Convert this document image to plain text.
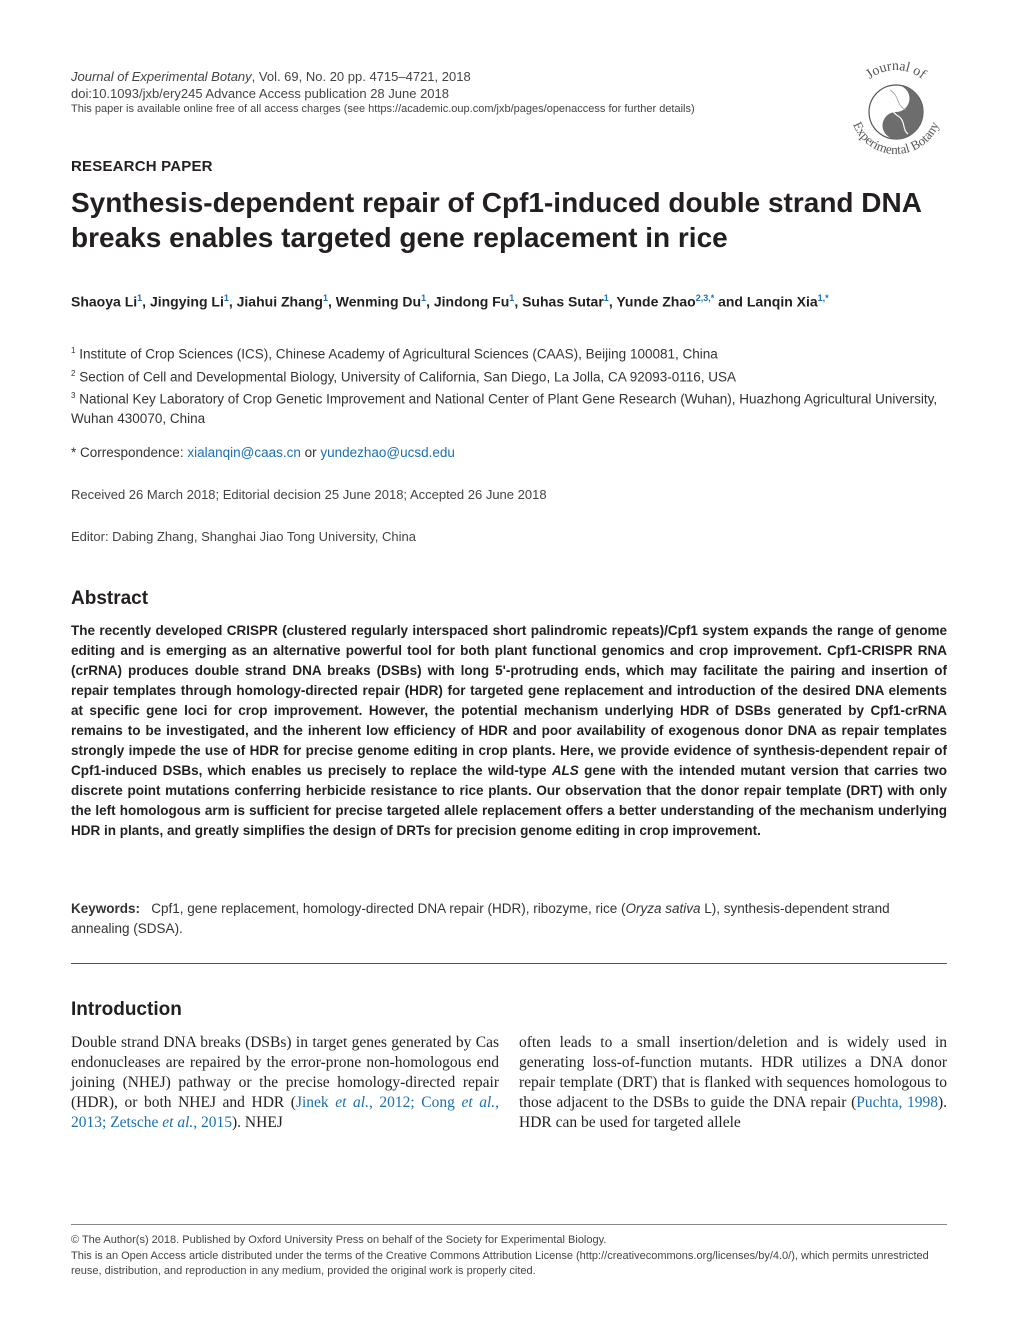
Journal of Experimental Botany, Vol. 69, No. 20 pp. 4715–4721, 2018
doi:10.1093/jxb/ery245 Advance Access publication 28 June 2018
This paper is available online free of all access charges (see https://academic.oup.com/jxb/pages/openaccess for further details)
Journal of
Experimental Botany
RESEARCH PAPER
Synthesis-dependent repair of Cpf1-induced double strand DNA breaks enables targeted gene replacement in rice
Shaoya Li$^1$, Jingying Li$^1$, Jiahui Zhang$^1$, Wenming Du$^1$, Jindong Fu$^1$, Suhas Sutar$^1$, Yunde Zhao$^{2,3,*}$ and Lanqin Xia$^{1,*}$

$^1$ Institute of Crop Sciences (ICS), Chinese Academy of Agricultural Sciences (CAAS), Beijing 100081, China

$^2$ Section of Cell and Developmental Biology, University of California, San Diego, La Jolla, CA 92093-0116, USA

$^3$ National Key Laboratory of Crop Genetic Improvement and National Center of Plant Gene Research (Wuhan), Huazhong Agricultural University, Wuhan 430070, China

* Correspondence: xialanqin@caas.cn or yundezhao@ucsd.edu
Received 26 March 2018; Editorial decision 25 June 2018; Accepted 26 June 2018
Editor: Dabing Zhang, Shanghai Jiao Tong University, China
Abstract
The recently developed CRISPR (clustered regularly interspaced short palindromic repeats)/Cpf1 system expands the range of genome editing and is emerging as an alternative powerful tool for both plant functional genomics and crop improvement. Cpf1-CRISPR RNA (crRNA) produces double strand DNA breaks (DSBs) with long 5'-protruding ends, which may facilitate the pairing and insertion of repair templates through homology-directed repair (HDR) for targeted gene replacement and introduction of the desired DNA elements at specific gene loci for crop improvement. However, the potential mechanism underlying HDR of DSBs generated by Cpf1-crRNA remains to be investigated, and the inherent low efficiency of HDR and poor availability of exogenous donor DNA as repair templates strongly impede the use of HDR for precise genome editing in crop plants. Here, we provide evidence of synthesis-dependent repair of Cpf1-induced DSBs, which enables us precisely to replace the wild-type ALS gene with the intended mutant version that carries two discrete point mutations conferring herbicide resistance to rice plants. Our observation that the donor repair template (DRT) with only the left homologous arm is sufficient for precise targeted allele replacement offers a better understanding of the mechanism underlying HDR in plants, and greatly simplifies the design of DRTs for precision genome editing in crop improvement.
Keywords:   Cpf1, gene replacement, homology-directed DNA repair (HDR), ribozyme, rice (Oryza sativa L), synthesis-dependent strand annealing (SDSA).
Introduction
Double strand DNA breaks (DSBs) in target genes generated by Cas endonucleases are repaired by the error-prone non-homologous end joining (NHEJ) pathway or the precise homology-directed repair (HDR), or both NHEJ and HDR (Jinek et al., 2012; Cong et al., 2013; Zetsche et al., 2015). NHEJ
often leads to a small insertion/deletion and is widely used in generating loss-of-function mutants. HDR utilizes a DNA donor repair template (DRT) that is flanked with sequences homologous to those adjacent to the DSBs to guide the DNA repair (Puchta, 1998). HDR can be used for targeted allele

© The Author(s) 2018. Published by Oxford University Press on behalf of the Society for Experimental Biology.

This is an Open Access article distributed under the terms of the Creative Commons Attribution License (http://creativecommons.org/licenses/by/4.0/), which permits unrestricted reuse, distribution, and reproduction in any medium, provided the original work is properly cited.
